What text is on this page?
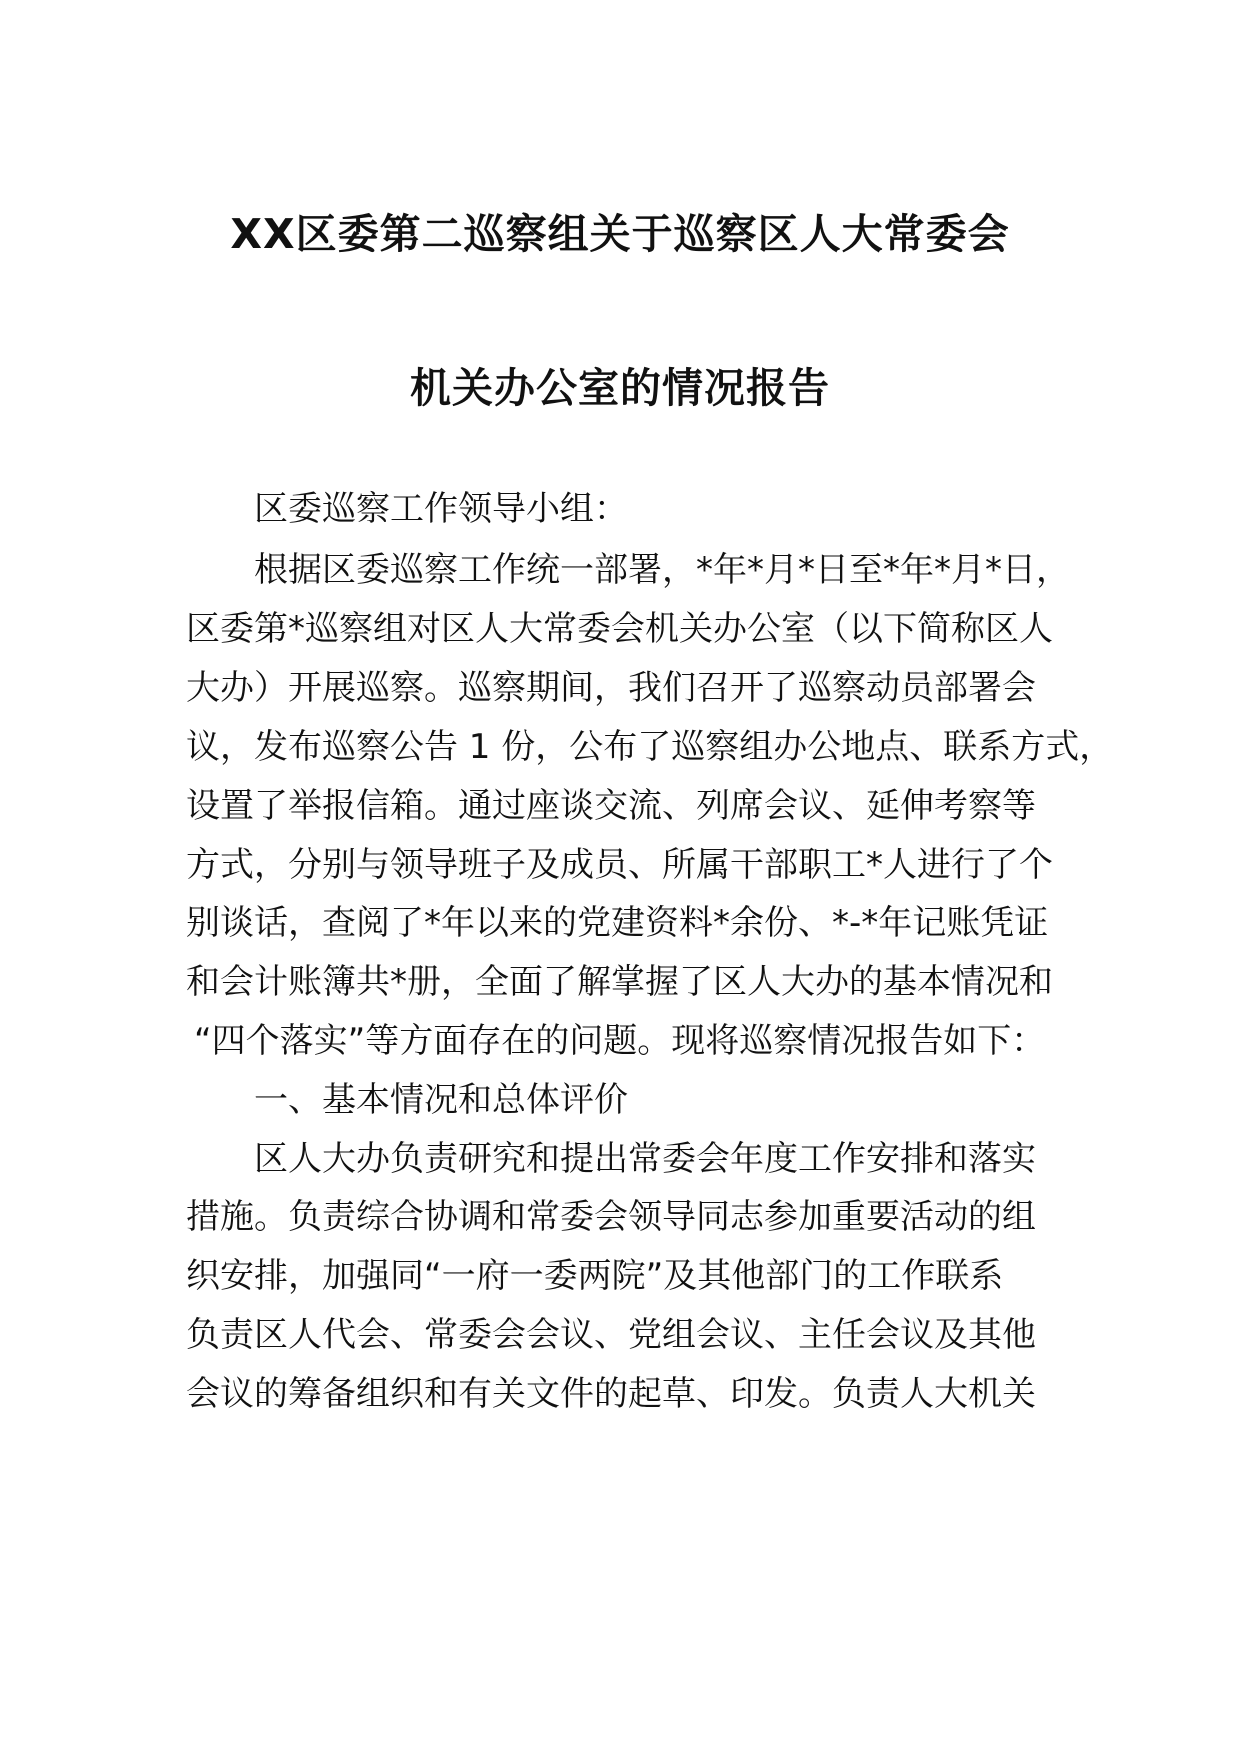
XX区委第二巡察组关于巡察区人大常委会
机关办公室的情况报告
区委巡察工作领导小组：
根据区委巡察工作统一部署，*年*月*日至*年*月*日，
区委第*巡察组对区人大常委会机关办公室（以下简称区人
大办）开展巡察。巡察期间，我们召开了巡察动员部署会
议，发布巡察公告 1 份，公布了巡察组办公地点、联系方式，
设置了举报信箱。通过座谈交流、列席会议、延伸考察等
方式，分别与领导班子及成员、所属干部职工*人进行了个
别谈话，查阅了*年以来的党建资料*余份、*-*年记账凭证
和会计账簿共*册，全面了解掌握了区人大办的基本情况和
“四个落实”等方面存在的问题。现将巡察情况报告如下：
一、基本情况和总体评价
区人大办负责研究和提出常委会年度工作安排和落实
措施。负责综合协调和常委会领导同志参加重要活动的组
织安排，加强同“一府一委两院”及其他部门的工作联系
负责区人代会、常委会会议、党组会议、主任会议及其他
会议的筹备组织和有关文件的起草、印发。负责人大机关
